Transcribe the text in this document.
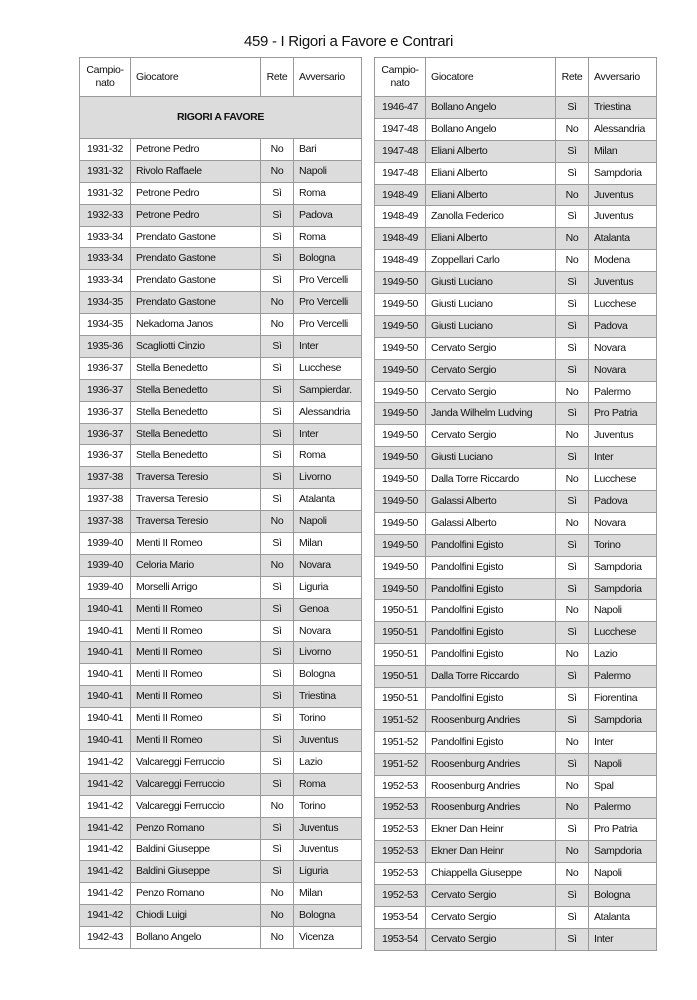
459 - I Rigori a Favore e Contrari
Campio-nato	Giocatore	Rete	Avversario
RIGORI A FAVORE			
1931-32	Petrone Pedro	No	Bari
1931-32	Rivolo Raffaele	No	Napoli
1931-32	Petrone Pedro	Sì	Roma
1932-33	Petrone Pedro	Sì	Padova
1933-34	Prendato Gastone	Sì	Roma
1933-34	Prendato Gastone	Sì	Bologna
1933-34	Prendato Gastone	Sì	Pro Vercelli
1934-35	Prendato Gastone	No	Pro Vercelli
1934-35	Nekadoma Janos	No	Pro Vercelli
1935-36	Scagliotti Cinzio	Sì	Inter
1936-37	Stella Benedetto	Sì	Lucchese
1936-37	Stella Benedetto	Sì	Sampierdar.
1936-37	Stella Benedetto	Sì	Alessandria
1936-37	Stella Benedetto	Sì	Inter
1936-37	Stella Benedetto	Sì	Roma
1937-38	Traversa Teresio	Sì	Livorno
1937-38	Traversa Teresio	Sì	Atalanta
1937-38	Traversa Teresio	No	Napoli
1939-40	Menti II Romeo	Sì	Milan
1939-40	Celoria Mario	No	Novara
1939-40	Morselli Arrigo	Sì	Liguria
1940-41	Menti II Romeo	Sì	Genoa
1940-41	Menti II Romeo	Sì	Novara
1940-41	Menti II Romeo	Sì	Livorno
1940-41	Menti II Romeo	Sì	Bologna
1940-41	Menti II Romeo	Sì	Triestina
1940-41	Menti II Romeo	Sì	Torino
1940-41	Menti II Romeo	Sì	Juventus
1941-42	Valcareggi Ferruccio	Sì	Lazio
1941-42	Valcareggi Ferruccio	Sì	Roma
1941-42	Valcareggi Ferruccio	No	Torino
1941-42	Penzo Romano	Sì	Juventus
1941-42	Baldini Giuseppe	Sì	Juventus
1941-42	Baldini Giuseppe	Sì	Liguria
1941-42	Penzo Romano	No	Milan
1941-42	Chiodi Luigi	No	Bologna
1942-43	Bollano Angelo	No	Vicenza
Campio-nato	Giocatore	Rete	Avversario
1946-47	Bollano Angelo	Sì	Triestina
1947-48	Bollano Angelo	No	Alessandria
1947-48	Eliani Alberto	Sì	Milan
1947-48	Eliani Alberto	Sì	Sampdoria
1948-49	Eliani Alberto	No	Juventus
1948-49	Zanolla Federico	Sì	Juventus
1948-49	Eliani Alberto	No	Atalanta
1948-49	Zoppellari Carlo	No	Modena
1949-50	Giusti Luciano	Sì	Juventus
1949-50	Giusti Luciano	Sì	Lucchese
1949-50	Giusti Luciano	Sì	Padova
1949-50	Cervato Sergio	Sì	Novara
1949-50	Cervato Sergio	Sì	Novara
1949-50	Cervato Sergio	No	Palermo
1949-50	Janda Wilhelm Ludving	Sì	Pro Patria
1949-50	Cervato Sergio	No	Juventus
1949-50	Giusti Luciano	Sì	Inter
1949-50	Dalla Torre Riccardo	No	Lucchese
1949-50	Galassi Alberto	Sì	Padova
1949-50	Galassi Alberto	No	Novara
1949-50	Pandolfini Egisto	Sì	Torino
1949-50	Pandolfini Egisto	Sì	Sampdoria
1949-50	Pandolfini Egisto	Sì	Sampdoria
1950-51	Pandolfini Egisto	No	Napoli
1950-51	Pandolfini Egisto	Sì	Lucchese
1950-51	Pandolfini Egisto	No	Lazio
1950-51	Dalla Torre Riccardo	Sì	Palermo
1950-51	Pandolfini Egisto	Sì	Fiorentina
1951-52	Roosenburg Andries	Sì	Sampdoria
1951-52	Pandolfini Egisto	No	Inter
1951-52	Roosenburg Andries	Sì	Napoli
1952-53	Roosenburg Andries	No	Spal
1952-53	Roosenburg Andries	No	Palermo
1952-53	Ekner Dan Heinr	Sì	Pro Patria
1952-53	Ekner Dan Heinr	No	Sampdoria
1952-53	Chiappella Giuseppe	No	Napoli
1952-53	Cervato Sergio	Sì	Bologna
1953-54	Cervato Sergio	Sì	Atalanta
1953-54	Cervato Sergio	Sì	Inter
